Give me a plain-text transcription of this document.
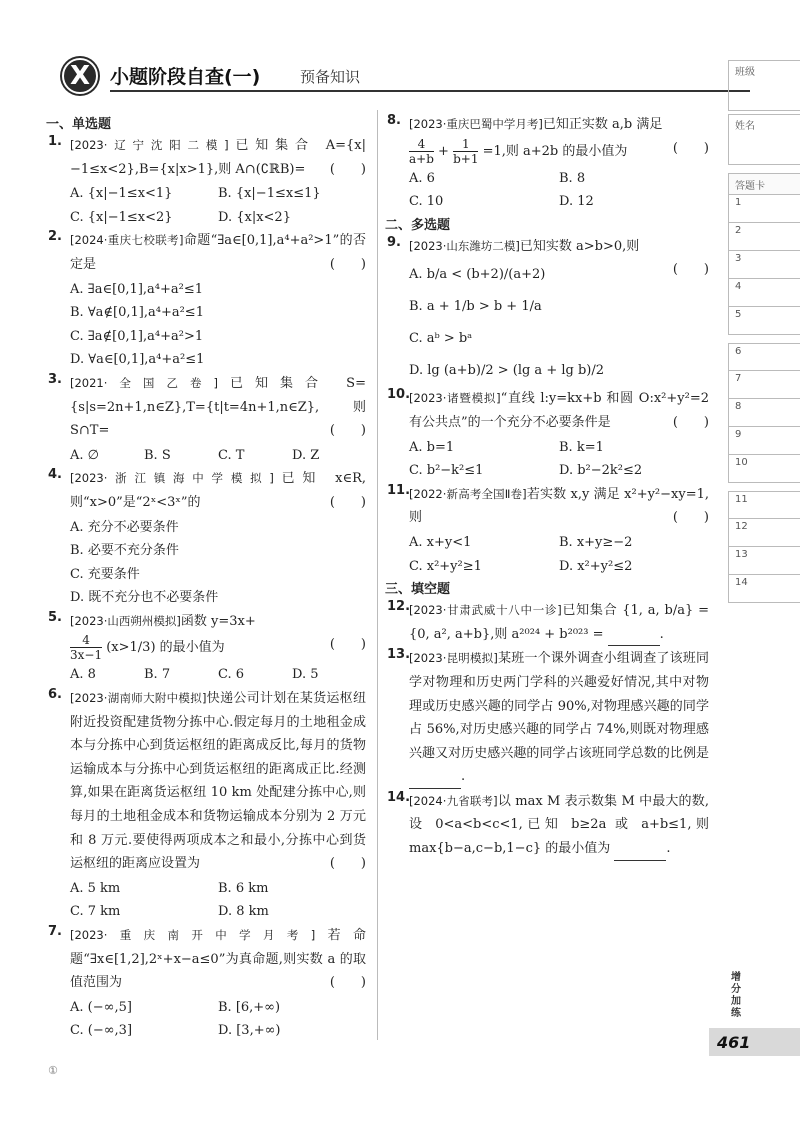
X	小题阶段自查(一)	预备知识
一、单选题
1. [2023·辽宁沈阳二模]已知集合 A={x|−1≤x<2},B={x|x>1},则 A∩(∁ℝB)= (　　)
A. {x|−1≤x<1}	B. {x|−1≤x≤1}
C. {x|−1≤x<2}	D. {x|x<2}
2. [2024·重庆七校联考]命题“∃a∈[0,1],a⁴+a²>1”的否定是	(　　)
A. ∃a∈[0,1],a⁴+a²≤1
B. ∀a∉[0,1],a⁴+a²≤1
C. ∃a∉[0,1],a⁴+a²>1
D. ∀a∈[0,1],a⁴+a²≤1
3. [2021·全国乙卷]已知集合 S={s|s=2n+1,n∈Z},T={t|t=4n+1,n∈Z},则 S∩T=	(　　)
A. ∅	B. S	C. T	D. Z
4. [2023·浙江镇海中学模拟]已知 x∈R,则“x>0”是“2ˣ<3ˣ”的	(　　)
A. 充分不必要条件
B. 必要不充分条件
C. 充要条件
D. 既不充分也不必要条件
5. [2023·山西朔州模拟]函数 y=3x+

$\frac{4}{3x-1} (x>1/3)$ 的最小值为	(　　)
A. 8	B. 7	C. 6	D. 5
6. [2023·湖南师大附中模拟]快递公司计划在某货运枢纽附近投资配建货物分拣中心.假定每月的土地租金成本与分拣中心到货运枢纽的距离成反比,每月的货物运输成本与分拣中心到货运枢纽的距离成正比.经测算,如果在距离货运枢纽 10 km 处配建分拣中心,则每月的土地租金成本和货物运输成本分别为 2 万元和 8 万元.要使得两项成本之和最小,分拣中心到货运枢纽的距离应设置为	(　　)
A. 5 km	B. 6 km
C. 7 km	D. 8 km
7. [2023·重庆南开中学月考]若命题“∃x∈[1,2],2ˣ+x−a≤0”为真命题,则实数 a 的取值范围为	(　　)
A. (−∞,5]	B. [6,+∞)
C. (−∞,3]	D. [3,+∞)
8. [2023·重庆巴蜀中学月考]已知正实数 a,b 满足

$\frac{4}{a+b} + \frac{1}{b+1} =1$,则 a+2b 的最小值为	(　　)
A. 6	B. 8
C. 10	D. 12
二、多选题
9. [2023·山东潍坊二模]已知实数 a>b>0,则

(　　)
A. b/a < (b+2)/(a+2)
B. a + 1/b > b + 1/a
C. aᵇ > bᵃ
D. lg (a+b)/2 > (lg a + lg b)/2
10.
[2023·诸暨模拟]“直线 l:y=kx+b 和圆 O:x²+y²=2 有公共点”的一个充分不必要条件是	(　　)
A. b=1	B. k=1
C. b²−k²≤1	D. b²−2k²≤2
11.
[2022·新高考全国Ⅱ卷]若实数 x,y 满足 x²+y²−xy=1,则	(　　)
A. x+y<1	B. x+y≥−2
C. x²+y²≥1	D. x²+y²≤2
三、填空题
12.
[2023·甘肃武威十八中一诊]已知集合 {1, a, b/a} = {0, a², a+b},则 a²⁰²⁴ + b²⁰²³ =	.
13.
[2023·昆明模拟]某班一个课外调查小组调查了该班同学对物理和历史两门学科的兴趣爱好情况,其中对物理或历史感兴趣的同学占 90%,对物理感兴趣的同学占 56%,对历史感兴趣的同学占 74%,则既对物理感兴趣又对历史感兴趣的同学占该班同学总数的比例是 .
14.
[2024·九省联考]以 max M 表示数集 M 中最大的数,设 0<a<b<c<1,已知 b≥2a 或 a+b≤1,则 max{b−a,c−b,1−c} 的最小值为	.
班级
姓名
答题卡
1
2
3
4
5
6
7
8
9
10
11
12
13
14
增分加练
461
①
